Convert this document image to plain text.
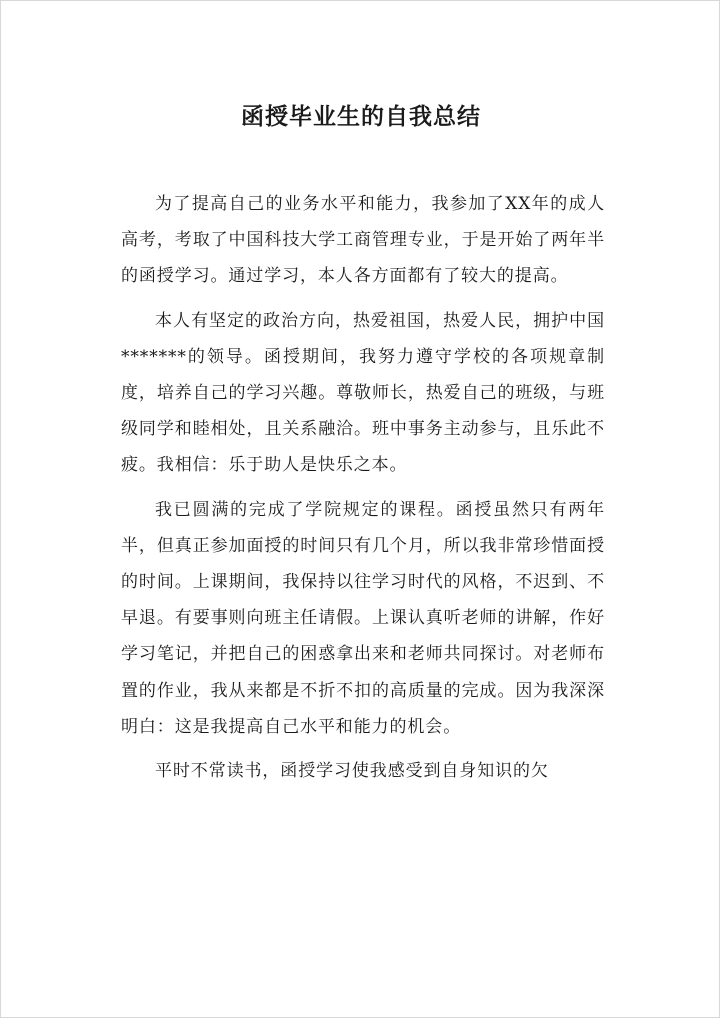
函授毕业生的自我总结

为了提高自己的业务水平和能力，我参加了XX年的成人高考，考取了中国科技大学工商管理专业，于是开始了两年半的函授学习。通过学习，本人各方面都有了较大的提高。

本人有坚定的政治方向，热爱祖国，热爱人民，拥护中国*******的领导。函授期间，我努力遵守学校的各项规章制度，培养自己的学习兴趣。尊敬师长，热爱自己的班级，与班级同学和睦相处，且关系融洽。班中事务主动参与，且乐此不疲。我相信：乐于助人是快乐之本。

我已圆满的完成了学院规定的课程。函授虽然只有两年半，但真正参加面授的时间只有几个月，所以我非常珍惜面授的时间。上课期间，我保持以往学习时代的风格，不迟到、不早退。有要事则向班主任请假。上课认真听老师的讲解，作好学习笔记，并把自己的困惑拿出来和老师共同探讨。对老师布置的作业，我从来都是不折不扣的高质量的完成。因为我深深明白：这是我提高自己水平和能力的机会。

平时不常读书，函授学习使我感受到自身知识的欠
